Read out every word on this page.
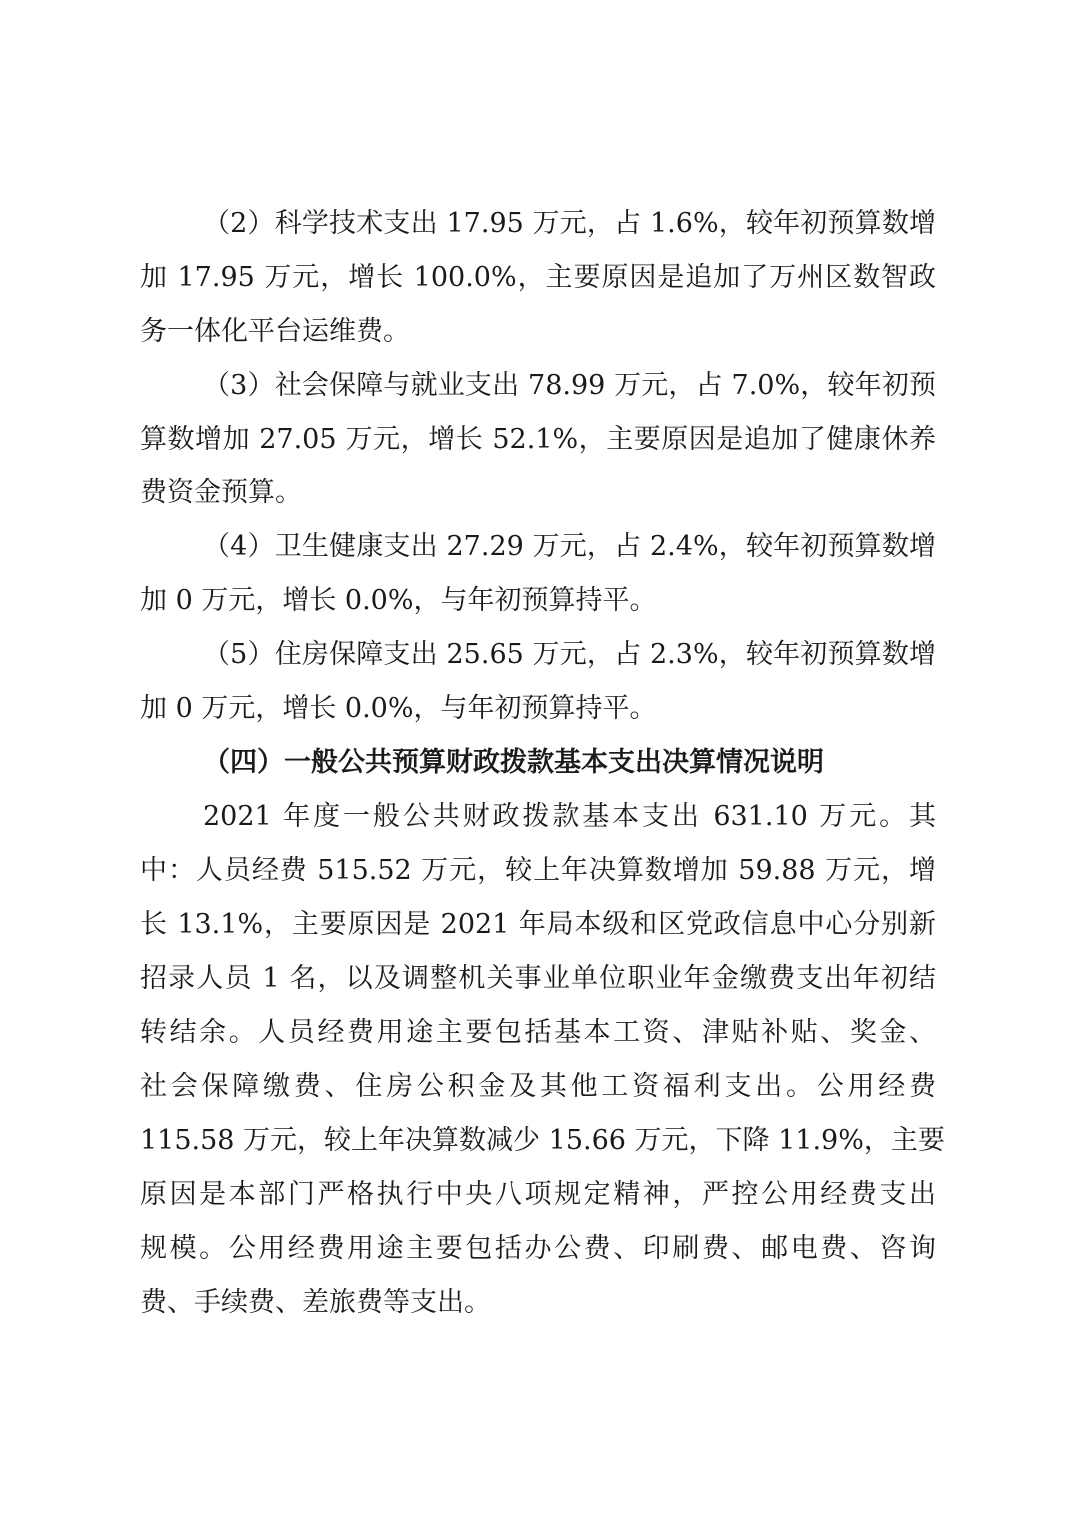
（2）科学技术支出 17.95 万元，占 1.6%，较年初预算数增
加 17.95 万元，增长 100.0%，主要原因是追加了万州区数智政
务一体化平台运维费。
（3）社会保障与就业支出 78.99 万元，占 7.0%，较年初预
算数增加 27.05 万元，增长 52.1%，主要原因是追加了健康休养
费资金预算。
（4）卫生健康支出 27.29 万元，占 2.4%，较年初预算数增
加 0 万元，增长 0.0%，与年初预算持平。
（5）住房保障支出 25.65 万元，占 2.3%，较年初预算数增
加 0 万元，增长 0.0%，与年初预算持平。
（四）一般公共预算财政拨款基本支出决算情况说明
2021 年度一般公共财政拨款基本支出 631.10 万元。其
中：人员经费 515.52 万元，较上年决算数增加 59.88 万元，增
长 13.1%，主要原因是 2021 年局本级和区党政信息中心分别新
招录人员 1 名，以及调整机关事业单位职业年金缴费支出年初结
转结余。人员经费用途主要包括基本工资、津贴补贴、奖金、
社会保障缴费、住房公积金及其他工资福利支出。公用经费
115.58 万元，较上年决算数减少 15.66 万元，下降 11.9%，主要
原因是本部门严格执行中央八项规定精神，严控公用经费支出
规模。公用经费用途主要包括办公费、印刷费、邮电费、咨询
费、手续费、差旅费等支出。
